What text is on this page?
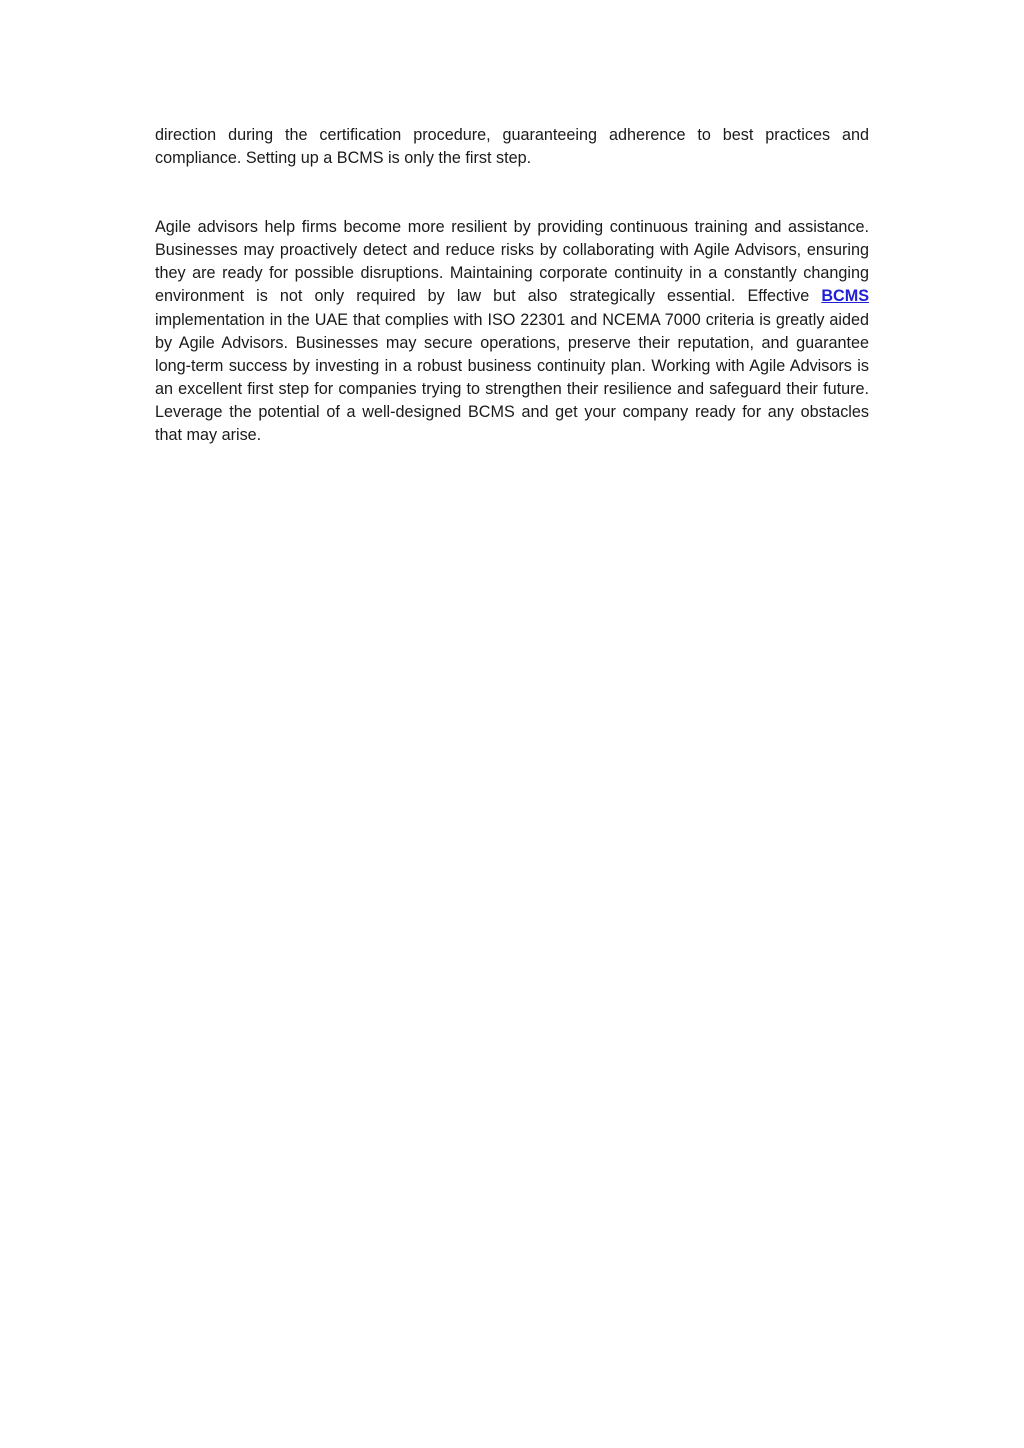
direction during the certification procedure, guaranteeing adherence to best practices and compliance. Setting up a BCMS is only the first step.

Agile advisors help firms become more resilient by providing continuous training and assistance. Businesses may proactively detect and reduce risks by collaborating with Agile Advisors, ensuring they are ready for possible disruptions. Maintaining corporate continuity in a constantly changing environment is not only required by law but also strategically essential. Effective BCMS implementation in the UAE that complies with ISO 22301 and NCEMA 7000 criteria is greatly aided by Agile Advisors. Businesses may secure operations, preserve their reputation, and guarantee long-term success by investing in a robust business continuity plan. Working with Agile Advisors is an excellent first step for companies trying to strengthen their resilience and safeguard their future. Leverage the potential of a well-designed BCMS and get your company ready for any obstacles that may arise.
